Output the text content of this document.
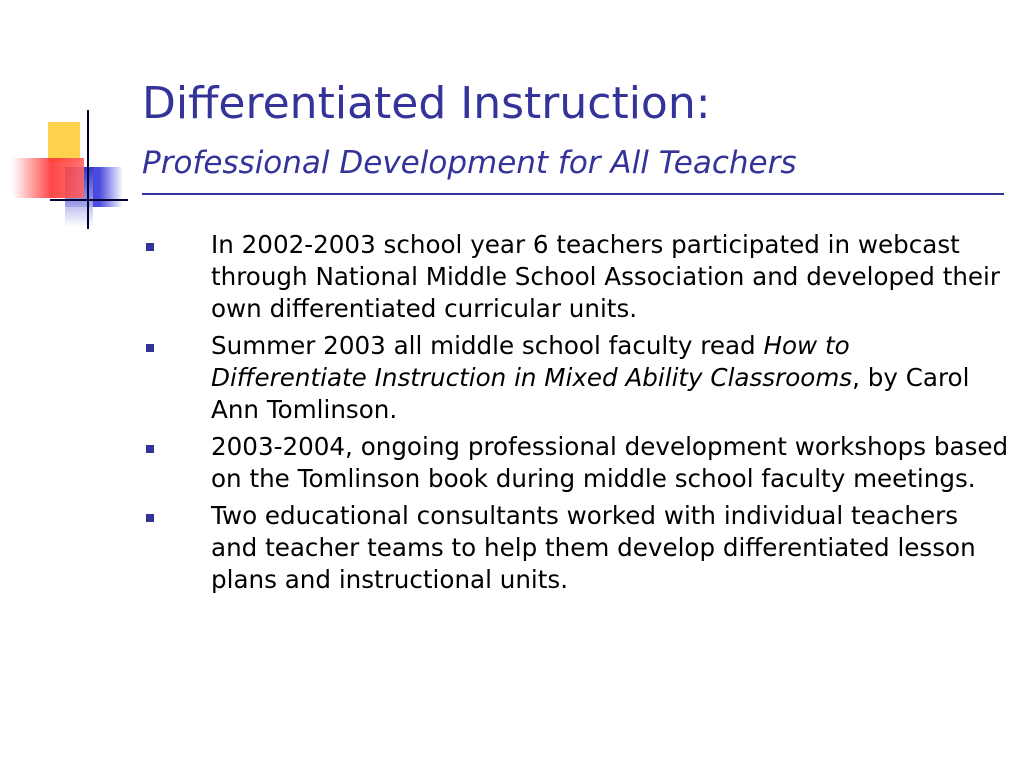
Differentiated Instruction:
Professional Development for All Teachers
In 2002-2003 school year 6 teachers participated in webcast through National Middle School Association and developed their own differentiated curricular units.
Summer 2003 all middle school faculty read How to Differentiate Instruction in Mixed Ability Classrooms, by Carol Ann Tomlinson.
2003-2004, ongoing professional development workshops based on the Tomlinson book during middle school faculty meetings.
Two educational consultants worked with individual teachers and teacher teams to help them develop differentiated lesson plans and instructional units.
